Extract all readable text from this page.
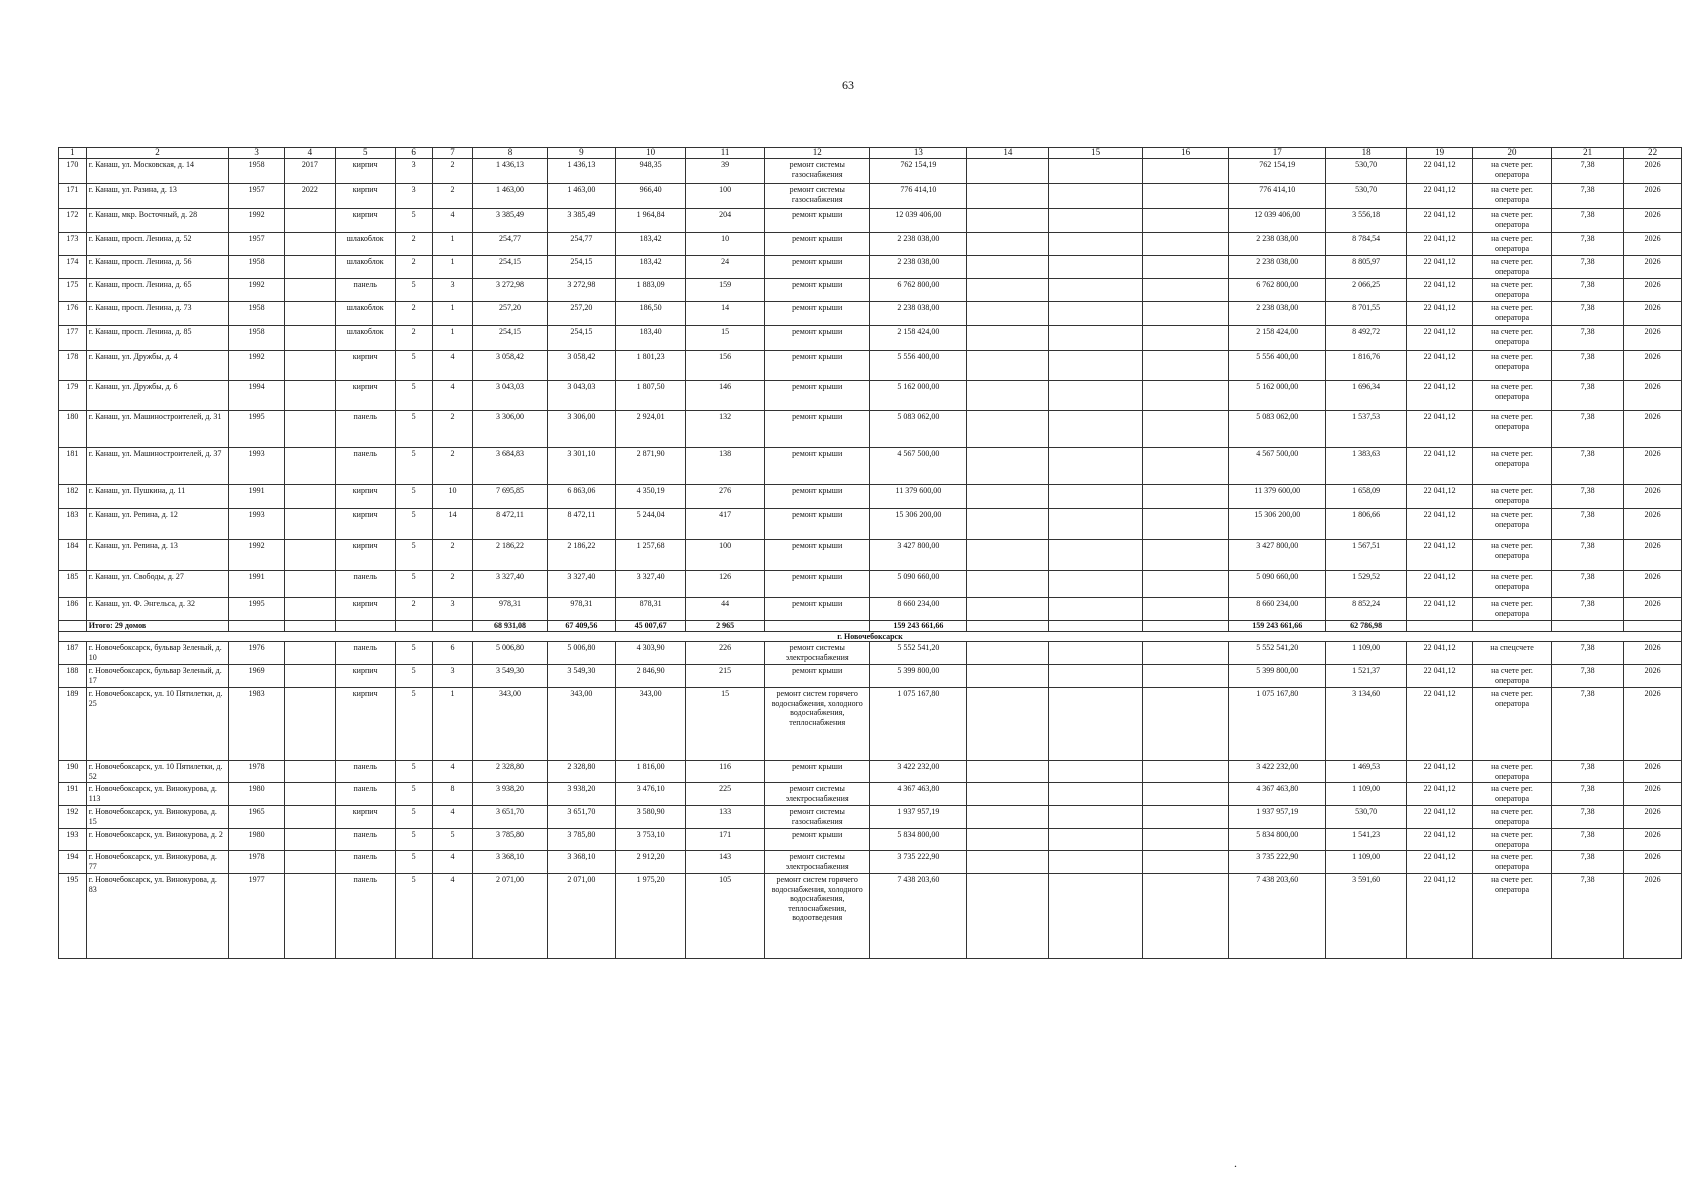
63
1	2	3	4	5	6	7	8	9	10	11	12	13	14	15	16	17	18	19	20	21	22
170	г. Канаш, ул. Московская, д. 14	1958	2017	кирпич	3	2	1 436,13	1 436,13	948,35	39	ремонт системы газоснабжения	762 154,19				762 154,19	530,70	22 041,12	на счете рег. оператора	7,38	2026
171	г. Канаш, ул. Разина, д. 13	1957	2022	кирпич	3	2	1 463,00	1 463,00	966,40	100	ремонт системы газоснабжения	776 414,10				776 414,10	530,70	22 041,12	на счете рег. оператора	7,38	2026
172	г. Канаш, мкр. Восточный, д. 28	1992		кирпич	5	4	3 385,49	3 385,49	1 964,84	204	ремонт крыши	12 039 406,00				12 039 406,00	3 556,18	22 041,12	на счете рег. оператора	7,38	2026
173	г. Канаш, просп. Ленина, д. 52	1957		шлакоблок	2	1	254,77	254,77	183,42	10	ремонт крыши	2 238 038,00				2 238 038,00	8 784,54	22 041,12	на счете рег. оператора	7,38	2026
174	г. Канаш, просп. Ленина, д. 56	1958		шлакоблок	2	1	254,15	254,15	183,42	24	ремонт крыши	2 238 038,00				2 238 038,00	8 805,97	22 041,12	на счете рег. оператора	7,38	2026
175	г. Канаш, просп. Ленина, д. 65	1992		панель	5	3	3 272,98	3 272,98	1 883,09	159	ремонт крыши	6 762 800,00				6 762 800,00	2 066,25	22 041,12	на счете рег. оператора	7,38	2026
176	г. Канаш, просп. Ленина, д. 73	1958		шлакоблок	2	1	257,20	257,20	186,50	14	ремонт крыши	2 238 038,00				2 238 038,00	8 701,55	22 041,12	на счете рег. оператора	7,38	2026
177	г. Канаш, просп. Ленина, д. 85	1958		шлакоблок	2	1	254,15	254,15	183,40	15	ремонт крыши	2 158 424,00				2 158 424,00	8 492,72	22 041,12	на счете рег. оператора	7,38	2026
178	г. Канаш, ул. Дружбы, д. 4	1992		кирпич	5	4	3 058,42	3 058,42	1 801,23	156	ремонт крыши	5 556 400,00				5 556 400,00	1 816,76	22 041,12	на счете рег. оператора	7,38	2026
179	г. Канаш, ул. Дружбы, д. 6	1994		кирпич	5	4	3 043,03	3 043,03	1 807,50	146	ремонт крыши	5 162 000,00				5 162 000,00	1 696,34	22 041,12	на счете рег. оператора	7,38	2026
180	г. Канаш, ул. Машиностроителей, д. 31	1995		панель	5	2	3 306,00	3 306,00	2 924,01	132	ремонт крыши	5 083 062,00				5 083 062,00	1 537,53	22 041,12	на счете рег. оператора	7,38	2026
181	г. Канаш, ул. Машиностроителей, д. 37	1993		панель	5	2	3 684,83	3 301,10	2 871,90	138	ремонт крыши	4 567 500,00				4 567 500,00	1 383,63	22 041,12	на счете рег. оператора	7,38	2026
182	г. Канаш, ул. Пушкина, д. 11	1991		кирпич	5	10	7 695,85	6 863,06	4 350,19	276	ремонт крыши	11 379 600,00				11 379 600,00	1 658,09	22 041,12	на счете рег. оператора	7,38	2026
183	г. Канаш, ул. Репина, д. 12	1993		кирпич	5	14	8 472,11	8 472,11	5 244,04	417	ремонт крыши	15 306 200,00				15 306 200,00	1 806,66	22 041,12	на счете рег. оператора	7,38	2026
184	г. Канаш, ул. Репина, д. 13	1992		кирпич	5	2	2 186,22	2 186,22	1 257,68	100	ремонт крыши	3 427 800,00				3 427 800,00	1 567,51	22 041,12	на счете рег. оператора	7,38	2026
185	г. Канаш, ул. Свободы, д. 27	1991		панель	5	2	3 327,40	3 327,40	3 327,40	126	ремонт крыши	5 090 660,00				5 090 660,00	1 529,52	22 041,12	на счете рег. оператора	7,38	2026
186	г. Канаш, ул. Ф. Энгельса, д. 32	1995		кирпич	2	3	978,31	978,31	878,31	44	ремонт крыши	8 660 234,00				8 660 234,00	8 852,24	22 041,12	на счете рег. оператора	7,38	2026
	Итого: 29 домов						68 931,08	67 409,56	45 007,67	2 965		159 243 661,66				159 243 661,66	62 786,98				
г. Новочебоксарск																					
187	г. Новочебоксарск, бульвар Зеленый, д. 10	1976		панель	5	6	5 006,80	5 006,80	4 303,90	226	ремонт системы электроснабжения	5 552 541,20				5 552 541,20	1 109,00	22 041,12	на спецсчете	7,38	2026
188	г. Новочебоксарск, бульвар Зеленый, д. 17	1969		кирпич	5	3	3 549,30	3 549,30	2 846,90	215	ремонт крыши	5 399 800,00				5 399 800,00	1 521,37	22 041,12	на счете рег. оператора	7,38	2026
189	г. Новочебоксарск, ул. 10 Пятилетки, д. 25	1983		кирпич	5	1	343,00	343,00	343,00	15	ремонт систем горячего водоснабжения, холодного водоснабжения, теплоснабжения	1 075 167,80				1 075 167,80	3 134,60	22 041,12	на счете рег. оператора	7,38	2026
190	г. Новочебоксарск, ул. 10 Пятилетки, д. 52	1978		панель	5	4	2 328,80	2 328,80	1 816,00	116	ремонт крыши	3 422 232,00				3 422 232,00	1 469,53	22 041,12	на счете рег. оператора	7,38	2026
191	г. Новочебоксарск, ул. Винокурова, д. 113	1980		панель	5	8	3 938,20	3 938,20	3 476,10	225	ремонт системы электроснабжения	4 367 463,80				4 367 463,80	1 109,00	22 041,12	на счете рег. оператора	7,38	2026
192	г. Новочебоксарск, ул. Винокурова, д. 15	1965		кирпич	5	4	3 651,70	3 651,70	3 580,90	133	ремонт системы газоснабжения	1 937 957,19				1 937 957,19	530,70	22 041,12	на счете рег. оператора	7,38	2026
193	г. Новочебоксарск, ул. Винокурова, д. 2	1980		панель	5	5	3 785,80	3 785,80	3 753,10	171	ремонт крыши	5 834 800,00				5 834 800,00	1 541,23	22 041,12	на счете рег. оператора	7,38	2026
194	г. Новочебоксарск, ул. Винокурова, д. 77	1978		панель	5	4	3 368,10	3 368,10	2 912,20	143	ремонт системы электроснабжения	3 735 222,90				3 735 222,90	1 109,00	22 041,12	на счете рег. оператора	7,38	2026
195	г. Новочебоксарск, ул. Винокурова, д. 83	1977		панель	5	4	2 071,00	2 071,00	1 975,20	105	ремонт систем горячего водоснабжения, холодного водоснабжения, теплоснабжения, водоотведения	7 438 203,60				7 438 203,60	3 591,60	22 041,12	на счете рег. оператора	7,38	2026
.
